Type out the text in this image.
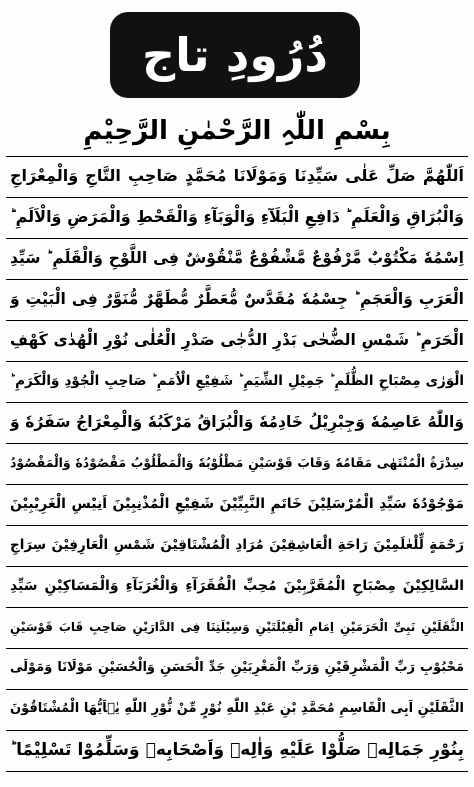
دُرُودِ تاج
بِسْمِ اللّٰہِ الرَّحْمٰنِ الرَّحِیْمِ
اَللّٰھُمَّ صَلِّ عَلٰی سَیِّدِنَا وَمَوْلَانَا مُحَمَّدٍ صَاحِبِ التَّاجِ وَالْمِعْرَاجِ
وَالْبُرَاقِ وَالْعَلَمِ ؕ دَافِعِ الْبَلَآءِ وَالْوَبَآءِ وَالْقَحْطِ وَالْمَرَضِ وَالْاَلَمِ ؕ
اِسْمُهٗ مَكْتُوْبٌ مَّرْفُوْعٌ مَّشْفُوْعٌ مَّنْقُوْشٌ فِی اللَّوْحِ وَالْقَلَمِ ؕ سَیِّدِ
الْعَرَبِ وَالْعَجَمِ ؕ جِسْمُهٗ مُقَدَّسٌ مُّعَطَّرٌ مُّطَهَّرٌ مُّنَوَّرٌ فِی الْبَیْتِ وَ
الْحَرَمِ ؕ شَمْسِ الضُّحٰی بَدْرِ الدُّجٰی صَدْرِ الْعُلٰی نُوْرِ الْهُدٰی كَهْفِ
الْوَرٰی مِصْبَاحِ الظُّلَمِ ؕ جَمِیْلِ الشِّیَمِ ؕ شَفِیْعِ الْاُمَمِ ؕ صَاحِبِ الْجُوْدِ وَالْكَرَمِ ؕ
وَاللّٰهُ عَاصِمُهٗ وَجِبْرِیْلُ خَادِمُهٗ وَالْبُرَاقُ مَرْكَبُهٗ وَالْمِعْرَاجُ سَفَرُهٗ وَ
سِدْرَةُ الْمُنْتَهٰی مَقَامُهٗ وَقَابَ قَوْسَیْنِ مَطْلُوْبُهٗ وَالْمَطْلُوْبُ مَقْصُوْدُهٗ وَالْمَقْصُوْدُ
مَوْجُوْدُهٗ سَیِّدِ الْمُرْسَلِیْنَ خَاتَمِ النَّبِیِّیْنَ شَفِیْعِ الْمُذْنِبِیْنَ اَنِیْسِ الْغَرِیْبِیْنَ
رَحْمَةٍ لِّلْعٰلَمِیْنَ رَاحَةِ الْعَاشِقِیْنَ مُرَادِ الْمُشْتَاقِیْنَ شَمْسِ الْعَارِفِیْنَ سِرَاجِ
السَّالِكِیْنَ مِصْبَاحِ الْمُقَرَّبِیْنَ مُحِبِّ الْفُقَرَآءِ وَالْغُرَبَآءِ وَالْمَسَاكِیْنِ سَیِّدِ
الثَّقَلَیْنِ نَبِیِّ الْحَرَمَیْنِ اِمَامِ الْقِبْلَتَیْنِ وَسِیْلَتِنَا فِی الدَّارَیْنِ صَاحِبِ قَابَ قَوْسَیْنِ
مَحْبُوْبِ رَبِّ الْمَشْرِقَیْنِ وَرَبِّ الْمَغْرِبَیْنِ جَدِّ الْحَسَنِ وَالْحُسَیْنِ مَوْلَانَا وَمَوْلَی
الثَّقَلَیْنِ اَبِی الْقَاسِمِ مُحَمَّدِ بْنِ عَبْدِ اللّٰهِ نُوْرٍ مِّنْ نُّوْرِ اللّٰهِ یٰۤاَیُّهَا الْمُشْتَاقُوْنَ
بِنُوْرِ جَمَالِهٖ صَلُّوْا عَلَیْهِ وَاٰلِهٖ وَاَصْحَابِهٖ وَسَلِّمُوْا تَسْلِیْمًا ؕ
